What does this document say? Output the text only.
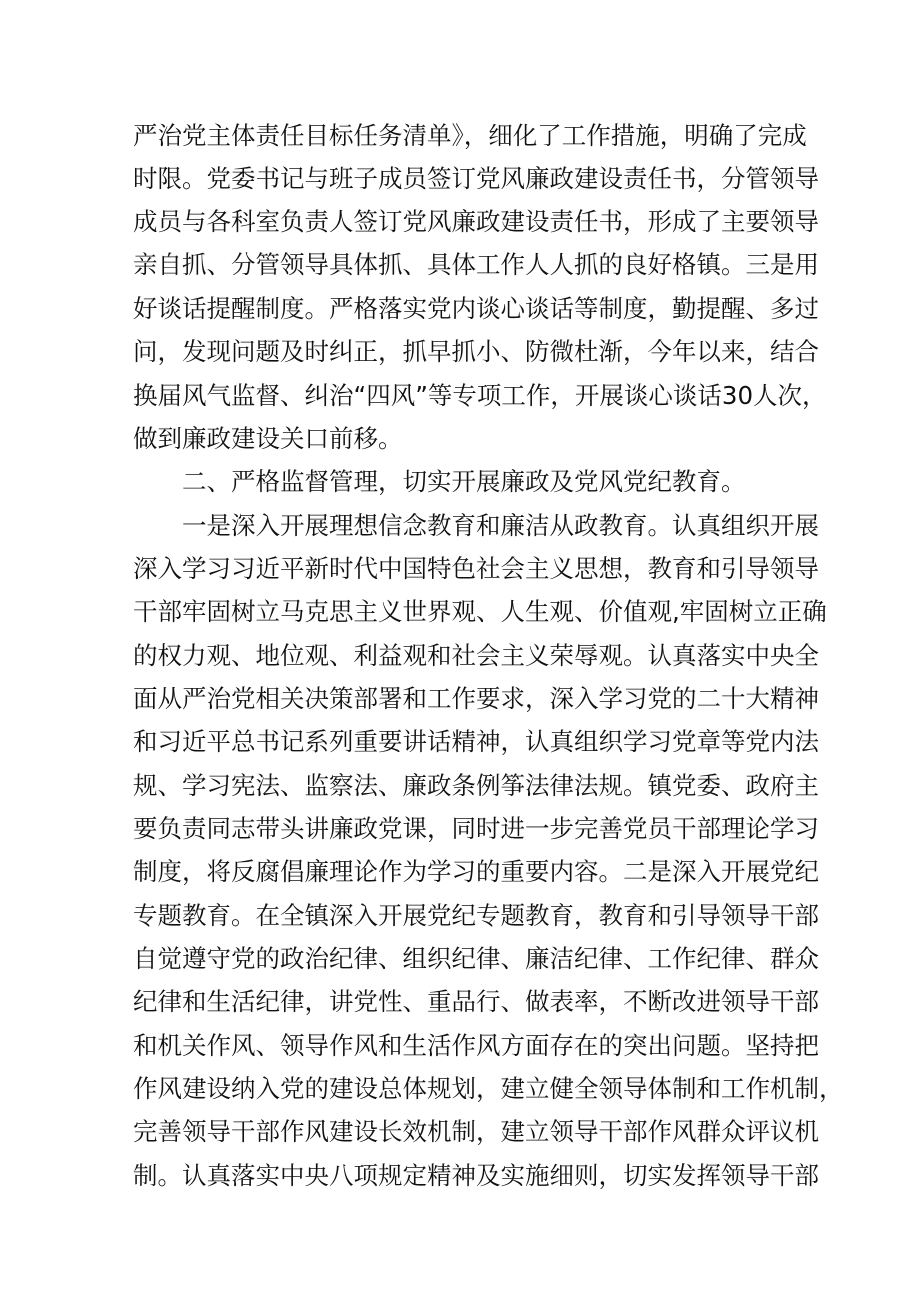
严治党主体责任目标任务清单》，细化了工作措施，明确了完成
时限。党委书记与班子成员签订党风廉政建设责任书，分管领导
成员与各科室负责人签订党风廉政建设责任书，形成了主要领导
亲自抓、分管领导具体抓、具体工作人人抓的良好格镇。三是用
好谈话提醒制度。严格落实党内谈心谈话等制度，勤提醒、多过
问，发现问题及时纠正，抓早抓小、防微杜渐，今年以来，结合
换届风气监督、纠治“四风”等专项工作，开展谈心谈话30人次，
做到廉政建设关口前移。
二、严格监督管理，切实开展廉政及党风党纪教育。
一是深入开展理想信念教育和廉洁从政教育。认真组织开展
深入学习习近平新时代中国特色社会主义思想，教育和引导领导
干部牢固树立马克思主义世界观、人生观、价值观,牢固树立正确
的权力观、地位观、利益观和社会主义荣辱观。认真落实中央全
面从严治党相关决策部署和工作要求，深入学习党的二十大精神
和习近平总书记系列重要讲话精神，认真组织学习党章等党内法
规、学习宪法、监察法、廉政条例筝法律法规。镇党委、政府主
要负责同志带头讲廉政党课，同时进一步完善党员干部理论学习
制度，将反腐倡廉理论作为学习的重要内容。二是深入开展党纪
专题教育。在全镇深入开展党纪专题教育，教育和引导领导干部
自觉遵守党的政治纪律、组织纪律、廉洁纪律、工作纪律、群众
纪律和生活纪律，讲党性、重品行、做表率，不断改进领导干部
和机关作风、领导作风和生活作风方面存在的突出问题。坚持把
作风建设纳入党的建设总体规划，建立健全领导体制和工作机制，
完善领导干部作风建设长效机制，建立领导干部作风群众评议机
制。认真落实中央八项规定精神及实施细则，切实发挥领导干部
